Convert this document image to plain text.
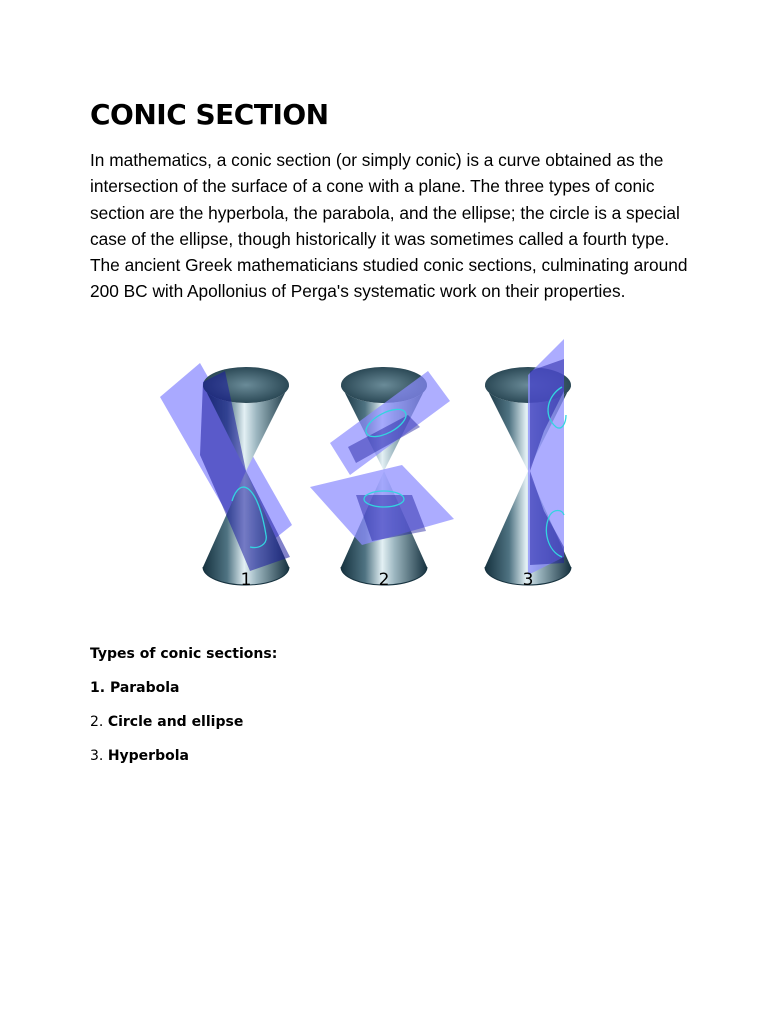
CONIC SECTION

In mathematics, a conic section (or simply conic) is a curve obtained as the intersection of the surface of a cone with a plane. The three types of conic section are the hyperbola, the parabola, and the ellipse; the circle is a special case of the ellipse, though historically it was sometimes called a fourth type. The ancient Greek mathematicians studied conic sections, culminating around 200 BC with Apollonius of Perga's systematic work on their properties.

1	2	3

Types of conic sections:

1. Parabola

2. Circle and ellipse

3. Hyperbola
